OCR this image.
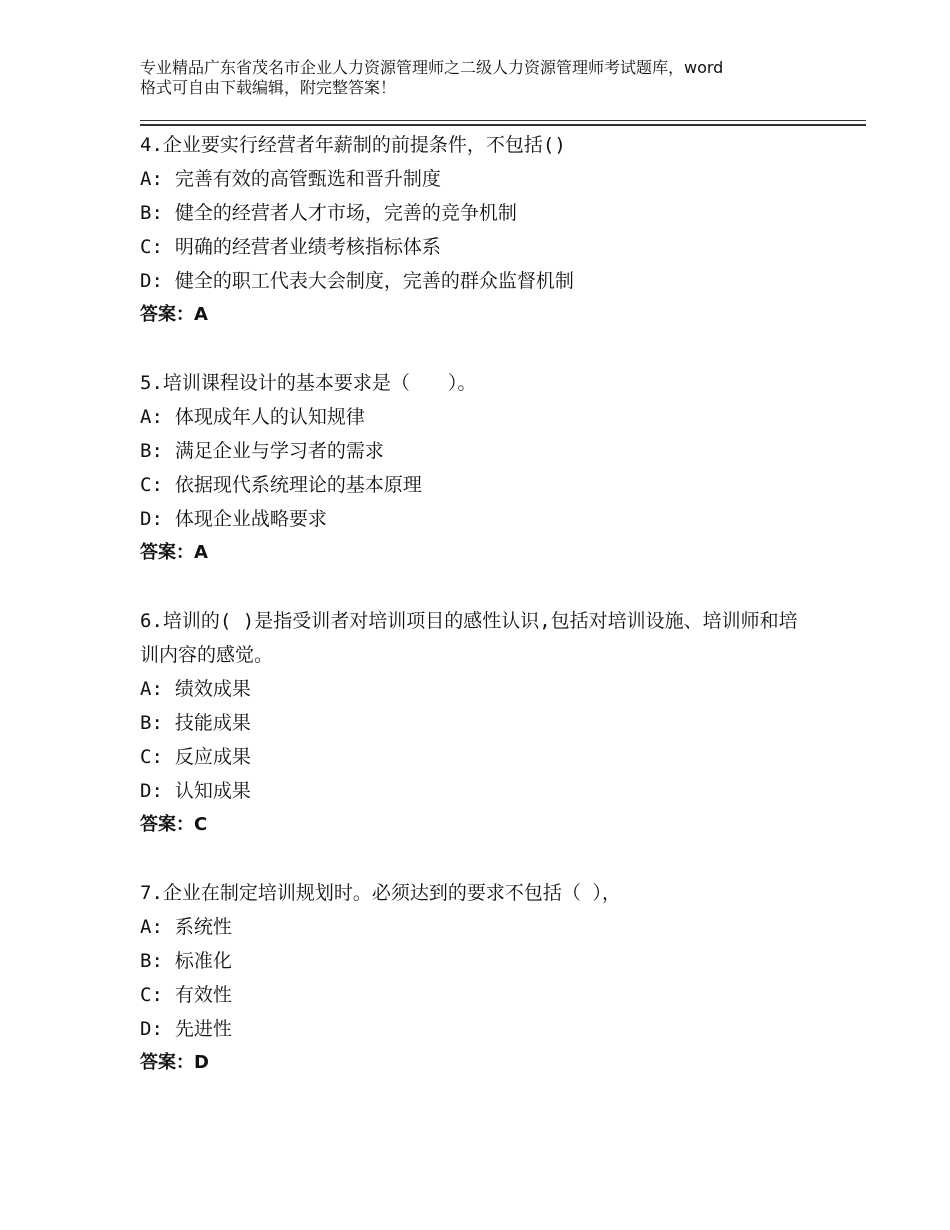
专业精品广东省茂名市企业人力资源管理师之二级人力资源管理师考试题库，word
格式可自由下载编辑，附完整答案！
4.企业要实行经营者年薪制的前提条件，不包括()
A: 完善有效的高管甄选和晋升制度
B: 健全的经营者人才市场，完善的竞争机制
C: 明确的经营者业绩考核指标体系
D: 健全的职工代表大会制度，完善的群众监督机制
答案：A
5.培训课程设计的基本要求是（　　）。
A: 体现成年人的认知规律
B: 满足企业与学习者的需求
C: 依据现代系统理论的基本原理
D: 体现企业战略要求
答案：A
6.培训的( )是指受训者对培训项目的感性认识,包括对培训设施、培训师和培训内容的感觉。
A: 绩效成果
B: 技能成果
C: 反应成果
D: 认知成果
答案：C
7.企业在制定培训规划时。必须达到的要求不包括（ ），
A: 系统性
B: 标准化
C: 有效性
D: 先进性
答案：D
